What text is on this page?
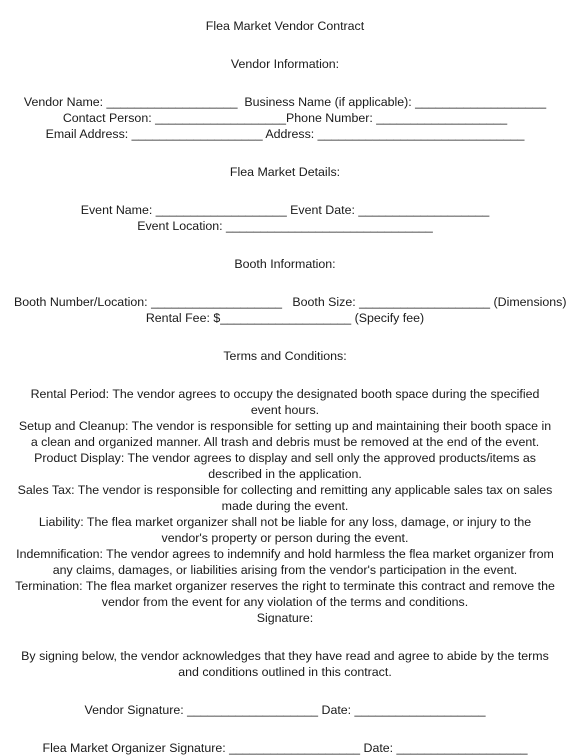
Flea Market Vendor Contract
Vendor Information:
Vendor Name: ___________________  Business Name (if applicable): ___________________
Contact Person: ___________________Phone Number: ___________________
Email Address: ___________________ Address: ______________________________
Flea Market Details:
Event Name: ___________________ Event Date: ___________________
Event Location: ______________________________
Booth Information:
Booth Number/Location: ___________________   Booth Size: ___________________ (Dimensions)
Rental Fee: $___________________ (Specify fee)
Terms and Conditions:
Rental Period: The vendor agrees to occupy the designated booth space during the specified event hours.
Setup and Cleanup: The vendor is responsible for setting up and maintaining their booth space in a clean and organized manner. All trash and debris must be removed at the end of the event.
Product Display: The vendor agrees to display and sell only the approved products/items as described in the application.
Sales Tax: The vendor is responsible for collecting and remitting any applicable sales tax on sales made during the event.
Liability: The flea market organizer shall not be liable for any loss, damage, or injury to the vendor's property or person during the event.
Indemnification: The vendor agrees to indemnify and hold harmless the flea market organizer from any claims, damages, or liabilities arising from the vendor's participation in the event.
Termination: The flea market organizer reserves the right to terminate this contract and remove the vendor from the event for any violation of the terms and conditions.
Signature:
By signing below, the vendor acknowledges that they have read and agree to abide by the terms and conditions outlined in this contract.
Vendor Signature: ___________________ Date: ___________________
Flea Market Organizer Signature: ___________________ Date: ___________________
